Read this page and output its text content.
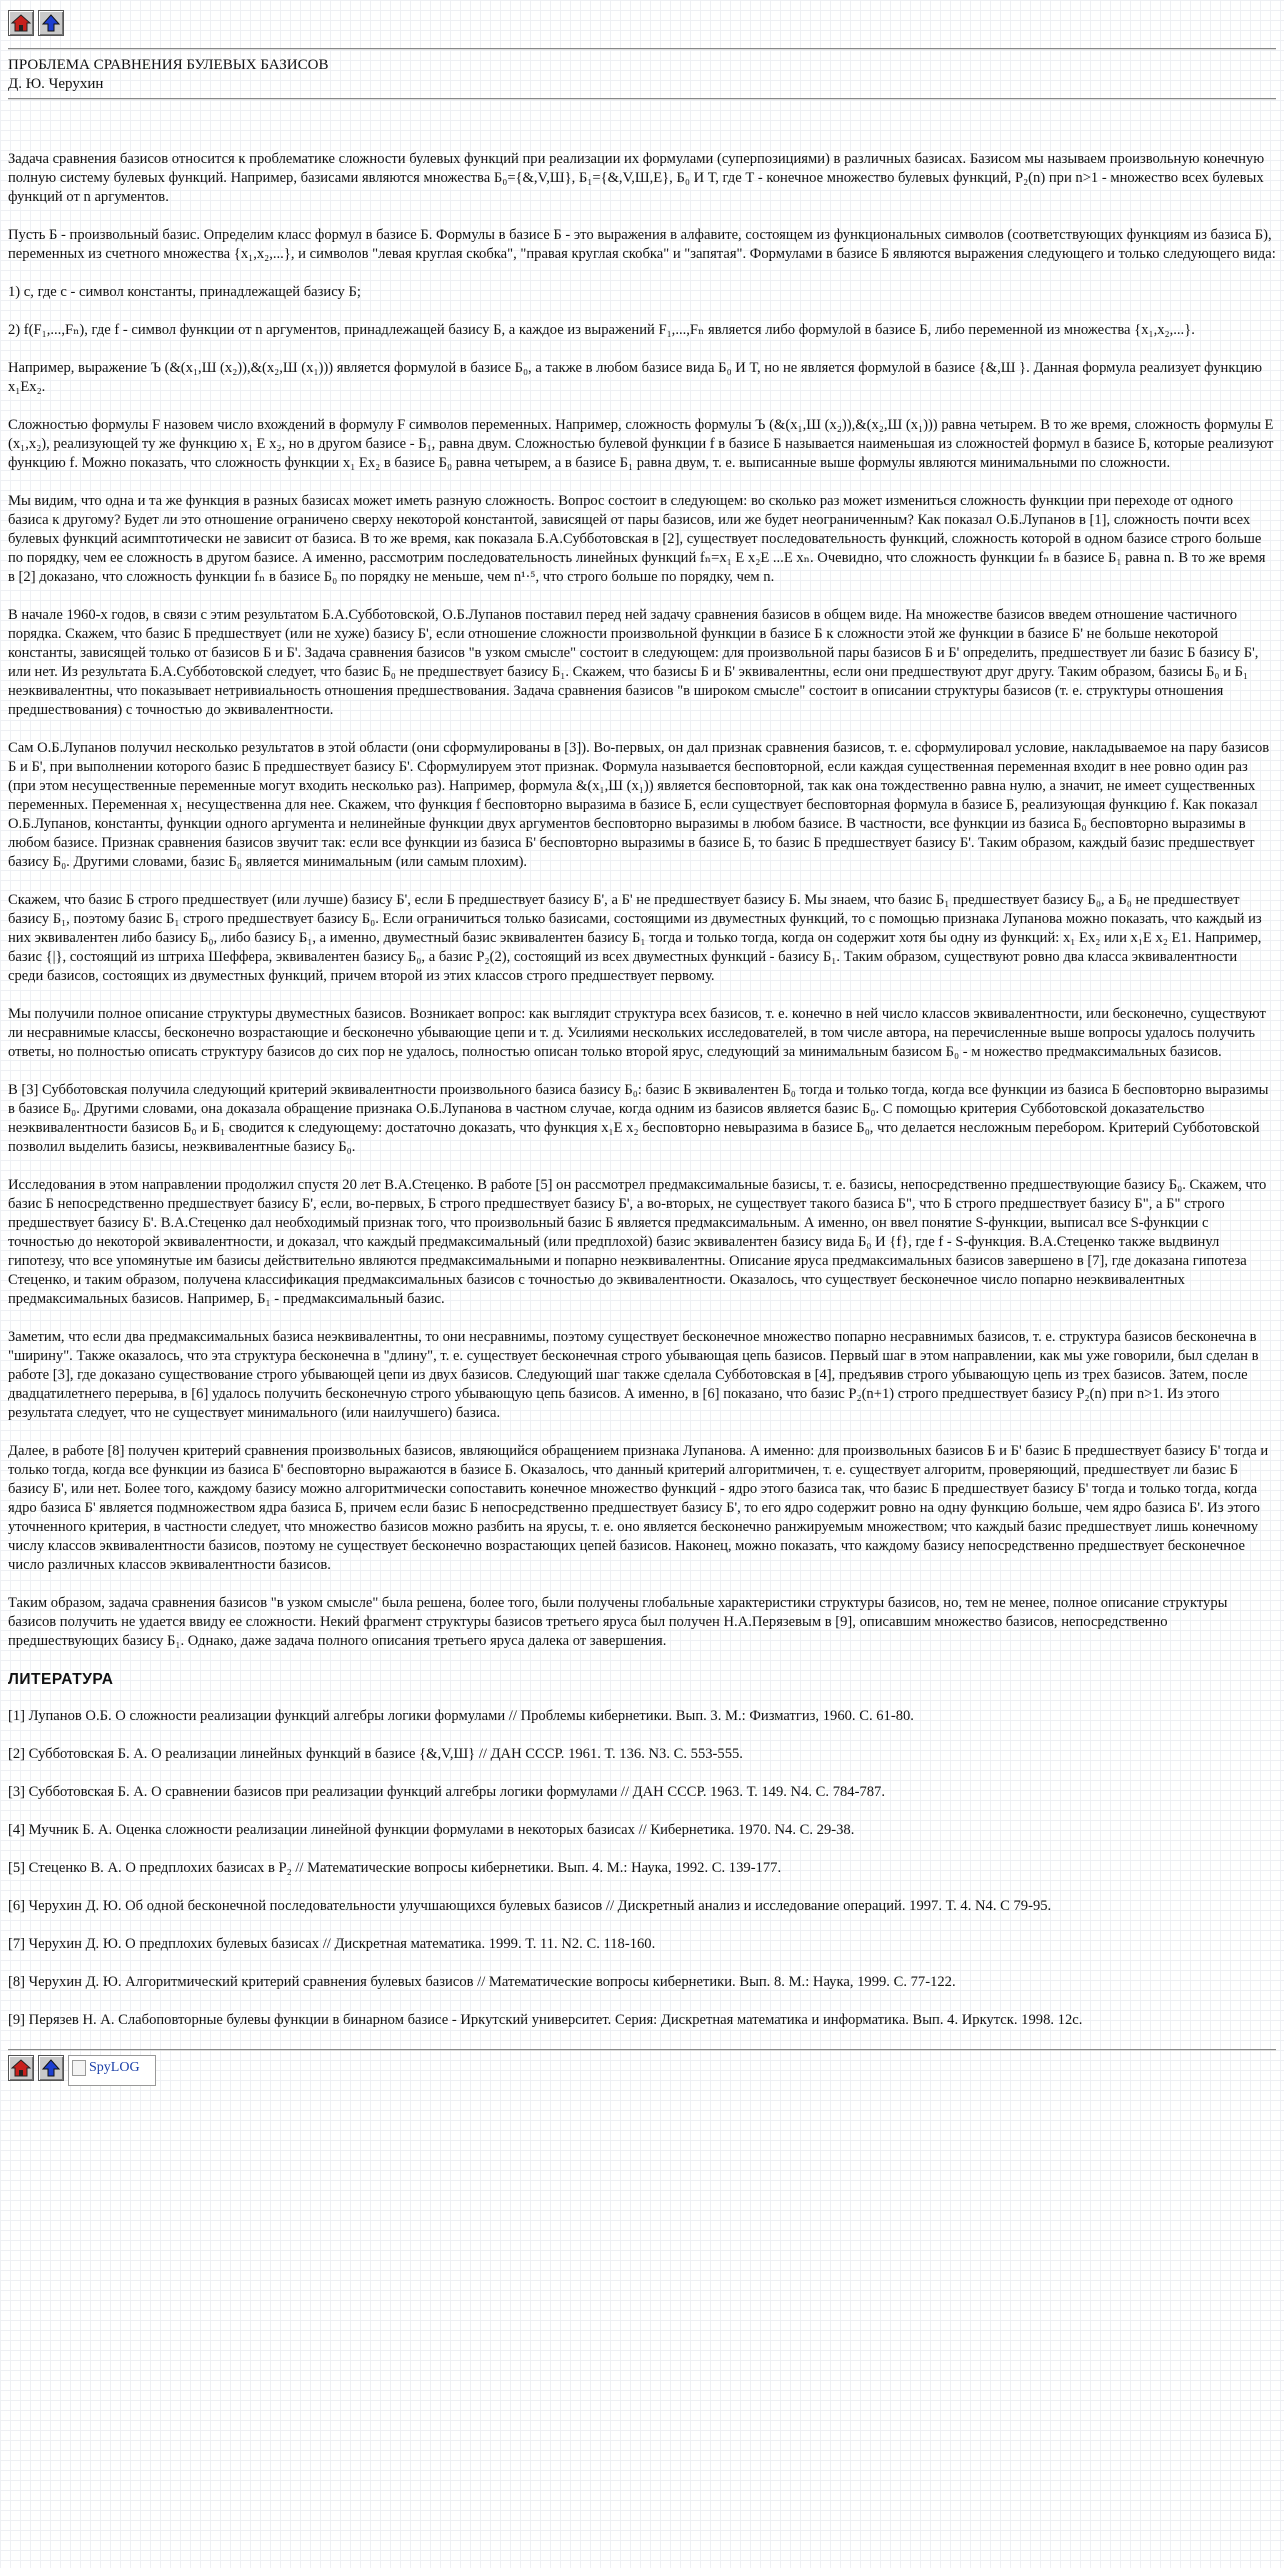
ПРОБЛЕМА СРАВНЕНИЯ БУЛЕВЫХ БАЗИСОВ
Д. Ю. Черухин

Задача сравнения базисов относится к проблематике сложности булевых функций при реализации их формулами (суперпозициями) в различных базисах. Базисом мы называем произвольную конечную полную систему булевых функций. Например, базисами являются множества Б₀={&,V,Ш}, Б₁={&,V,Ш,Е}, Б₀ И Т, где Т - конечное множество булевых функций, P₂(n) при n>1 - множество всех булевых функций от n аргументов.

Пусть Б - произвольный базис. Определим класс формул в базисе Б. Формулы в базисе Б - это выражения в алфавите, состоящем из функциональных символов (соответствующих функциям из базиса Б), переменных из счетного множества {x₁,x₂,...}, и символов "левая круглая скобка", "правая круглая скобка" и "запятая". Формулами в базисе Б являются выражения следующего и только следующего вида:

1) c, где c - символ константы, принадлежащей базису Б;

2) f(F₁,...,Fₙ), где f - символ функции от n аргументов, принадлежащей базису Б, а каждое из выражений F₁,...,Fₙ является либо формулой в базисе Б, либо переменной из множества {x₁,x₂,...}.

Например, выражение Ъ (&(x₁,Ш (x₂)),&(x₂,Ш (x₁))) является формулой в базисе Б₀, а также в любом базисе вида Б₀ И Т, но не является формулой в базисе {&,Ш }. Данная формула реализует функцию x₁Ex₂.

Сложностью формулы F назовем число вхождений в формулу F символов переменных. Например, сложность формулы Ъ (&(x₁,Ш (x₂)),&(x₂,Ш (x₁))) равна четырем. В то же время, сложность формулы Е (x₁,x₂), реализующей ту же функцию x₁ Е x₂, но в другом базисе - Б₁, равна двум. Сложностью булевой функции f в базисе Б называется наименьшая из сложностей формул в базисе Б, которые реализуют функцию f. Можно показать, что сложность функции x₁ Еx₂ в базисе Б₀ равна четырем, а в базисе Б₁ равна двум, т. е. выписанные выше формулы являются минимальными по сложности.

Мы видим, что одна и та же функция в разных базисах может иметь разную сложность. Вопрос состоит в следующем: во сколько раз может измениться сложность функции при переходе от одного базиса к другому? Будет ли это отношение ограничено сверху некоторой константой, зависящей от пары базисов, или же будет неограниченным? Как показал О.Б.Лупанов в [1], сложность почти всех булевых функций асимптотически не зависит от базиса. В то же время, как показала Б.А.Субботовская в [2], существует последовательность функций, сложность которой в одном базисе строго больше по порядку, чем ее сложность в другом базисе. А именно, рассмотрим последовательность линейных функций fₙ=x₁ Е x₂Е ...Е xₙ. Очевидно, что сложность функции fₙ в базисе Б₁ равна n. В то же время в [2] доказано, что сложность функции fₙ в базисе Б₀ по порядку не меньше, чем n¹·⁵, что строго больше по порядку, чем n.

В начале 1960-х годов, в связи с этим результатом Б.А.Субботовской, О.Б.Лупанов поставил перед ней задачу сравнения базисов в общем виде. На множестве базисов введем отношение частичного порядка. Скажем, что базис Б предшествует (или не хуже) базису Б', если отношение сложности произвольной функции в базисе Б к сложности этой же функции в базисе Б' не больше некоторой константы, зависящей только от базисов Б и Б'. Задача сравнения базисов "в узком смысле" состоит в следующем: для произвольной пары базисов Б и Б' определить, предшествует ли базис Б базису Б', или нет. Из результата Б.А.Субботовской следует, что базис Б₀ не предшествует базису Б₁. Скажем, что базисы Б и Б' эквивалентны, если они предшествуют друг другу. Таким образом, базисы Б₀ и Б₁ неэквивалентны, что показывает нетривиальность отношения предшествования. Задача сравнения базисов "в широком смысле" состоит в описании структуры базисов (т. е. структуры отношения предшествования) с точностью до эквивалентности.

Сам О.Б.Лупанов получил несколько результатов в этой области (они сформулированы в [3]). Во-первых, он дал признак сравнения базисов, т. е. сформулировал условие, накладываемое на пару базисов Б и Б', при выполнении которого базис Б предшествует базису Б'. Сформулируем этот признак. Формула называется бесповторной, если каждая существенная переменная входит в нее ровно один раз (при этом несущественные переменные могут входить несколько раз). Например, формула &(x₁,Ш (x₁)) является бесповторной, так как она тождественно равна нулю, а значит, не имеет существенных переменных. Переменная x₁ несущественна для нее. Скажем, что функция f бесповторно выразима в базисе Б, если существует бесповторная формула в базисе Б, реализующая функцию f. Как показал О.Б.Лупанов, константы, функции одного аргумента и нелинейные функции двух аргументов бесповторно выразимы в любом базисе. В частности, все функции из базиса Б₀ бесповторно выразимы в любом базисе. Признак сравнения базисов звучит так: если все функции из базиса Б' бесповторно выразимы в базисе Б, то базис Б предшествует базису Б'. Таким образом, каждый базис предшествует базису Б₀. Другими словами, базис Б₀ является минимальным (или самым плохим).

Скажем, что базис Б строго предшествует (или лучше) базису Б', если Б предшествует базису Б', а Б' не предшествует базису Б. Мы знаем, что базис Б₁ предшествует базису Б₀, а Б₀ не предшествует базису Б₁, поэтому базис Б₁ строго предшествует базису Б₀. Если ограничиться только базисами, состоящими из двуместных функций, то с помощью признака Лупанова можно показать, что каждый из них эквивалентен либо базису Б₀, либо базису Б₁, а именно, двуместный базис эквивалентен базису Б₁ тогда и только тогда, когда он содержит хотя бы одну из функций: x₁ Еx₂ или x₁Е x₂ Е1. Например, базис {|}, состоящий из штриха Шеффера, эквивалентен базису Б₀, а базис P₂(2), состоящий из всех двуместных функций - базису Б₁. Таким образом, существуют ровно два класса эквивалентности среди базисов, состоящих из двуместных функций, причем второй из этих классов строго предшествует первому.

Мы получили полное описание структуры двуместных базисов. Возникает вопрос: как выглядит структура всех базисов, т. е. конечно в ней число классов эквивалентности, или бесконечно, существуют ли несравнимые классы, бесконечно возрастающие и бесконечно убывающие цепи и т. д. Усилиями нескольких исследователей, в том числе автора, на перечисленные выше вопросы удалось получить ответы, но полностью описать структуру базисов до сих пор не удалось, полностью описан только второй ярус, следующий за минимальным базисом Б₀ - м ножество предмаксимальных базисов.

В [3] Субботовская получила следующий критерий эквивалентности произвольного базиса базису Б₀: базис Б эквивалентен Б₀ тогда и только тогда, когда все функции из базиса Б бесповторно выразимы в базисе Б₀. Другими словами, она доказала обращение признака О.Б.Лупанова в частном случае, когда одним из базисов является базис Б₀. С помощью критерия Субботовской доказательство неэквивалентности базисов Б₀ и Б₁ сводится к следующему: достаточно доказать, что функция x₁Е x₂ бесповторно невыразима в базисе Б₀, что делается несложным перебором. Критерий Субботовской позволил выделить базисы, неэквивалентные базису Б₀.

Исследования в этом направлении продолжил спустя 20 лет В.А.Стеценко. В работе [5] он рассмотрел предмаксимальные базисы, т. е. базисы, непосредственно предшествующие базису Б₀. Скажем, что базис Б непосредственно предшествует базису Б', если, во-первых, Б строго предшествует базису Б', а во-вторых, не существует такого базиса Б", что Б строго предшествует базису Б", а Б" строго предшествует базису Б'. В.А.Стеценко дал необходимый признак того, что произвольный базис Б является предмаксимальным. А именно, он ввел понятие S-функции, выписал все S-функции с точностью до некоторой эквивалентности, и доказал, что каждый предмаксимальный (или предплохой) базис эквивалентен базису вида Б₀ И {f}, где f - S-функция. В.А.Стеценко также выдвинул гипотезу, что все упомянутые им базисы действительно являются предмаксимальными и попарно неэквивалентны. Описание яруса предмаксимальных базисов завершено в [7], где доказана гипотеза Стеценко, и таким образом, получена классификация предмаксимальных базисов с точностью до эквивалентности. Оказалось, что существует бесконечное число попарно неэквивалентных предмаксимальных базисов. Например, Б₁ - предмаксимальный базис.

Заметим, что если два предмаксимальных базиса неэквивалентны, то они несравнимы, поэтому существует бесконечное множество попарно несравнимых базисов, т. е. структура базисов бесконечна в "ширину". Также оказалось, что эта структура бесконечна в "длину", т. е. существует бесконечная строго убывающая цепь базисов. Первый шаг в этом направлении, как мы уже говорили, был сделан в работе [3], где доказано существование строго убывающей цепи из двух базисов. Следующий шаг также сделала Субботовская в [4], предъявив строго убывающую цепь из трех базисов. Затем, после двадцатилетнего перерыва, в [6] удалось получить бесконечную строго убывающую цепь базисов. А именно, в [6] показано, что базис P₂(n+1) строго предшествует базису P₂(n) при n>1. Из этого результата следует, что не существует минимального (или наилучшего) базиса.

Далее, в работе [8] получен критерий сравнения произвольных базисов, являющийся обращением признака Лупанова. А именно: для произвольных базисов Б и Б' базис Б предшествует базису Б' тогда и только тогда, когда все функции из базиса Б' бесповторно выражаются в базисе Б. Оказалось, что данный критерий алгоритмичен, т. е. существует алгоритм, проверяющий, предшествует ли базис Б базису Б', или нет. Более того, каждому базису можно алгоритмически сопоставить конечное множество функций - ядро этого базиса так, что базис Б предшествует базису Б' тогда и только тогда, когда ядро базиса Б' является подмножеством ядра базиса Б, причем если базис Б непосредственно предшествует базису Б', то его ядро содержит ровно на одну функцию больше, чем ядро базиса Б'. Из этого уточненного критерия, в частности следует, что множество базисов можно разбить на ярусы, т. е. оно является бесконечно ранжируемым множеством; что каждый базис предшествует лишь конечному числу классов эквивалентности базисов, поэтому не существует бесконечно возрастающих цепей базисов. Наконец, можно показать, что каждому базису непосредственно предшествует бесконечное число различных классов эквивалентности базисов.

Таким образом, задача сравнения базисов "в узком смысле" была решена, более того, были получены глобальные характеристики структуры базисов, но, тем не менее, полное описание структуры базисов получить не удается ввиду ее сложности. Некий фрагмент структуры базисов третьего яруса был получен Н.А.Перязевым в [9], описавшим множество базисов, непосредственно предшествующих базису Б₁. Однако, даже задача полного описания третьего яруса далека от завершения.

ЛИТЕРАТУРА
[1] Лупанов О.Б. О сложности реализации функций алгебры логики формулами // Проблемы кибернетики. Вып. 3. М.: Физматгиз, 1960. С. 61-80.
[2] Субботовская Б. А. О реализации линейных функций в базисе {&,V,Ш} // ДАН СССР. 1961. Т. 136. N3. С. 553-555.
[3] Субботовская Б. А. О сравнении базисов при реализации функций алгебры логики формулами // ДАН СССР. 1963. Т. 149. N4. С. 784-787.
[4] Мучник Б. А. Оценка сложности реализации линейной функции формулами в некоторых базисах // Кибернетика. 1970. N4. С. 29-38.
[5] Стеценко В. А. О предплохих базисах в P₂ // Математические вопросы кибернетики. Вып. 4. М.: Наука, 1992. С. 139-177.
[6] Черухин Д. Ю. Об одной бесконечной последовательности улучшающихся булевых базисов // Дискретный анализ и исследование операций. 1997. Т. 4. N4. С 79-95.
[7] Черухин Д. Ю. О предплохих булевых базисах // Дискретная математика. 1999. Т. 11. N2. С. 118-160.
[8] Черухин Д. Ю. Алгоритмический критерий сравнения булевых базисов // Математические вопросы кибернетики. Вып. 8. М.: Наука, 1999. С. 77-122.
[9] Перязев Н. А. Слабоповторные булевы функции в бинарном базисе - Иркутский университет. Серия: Дискретная математика и информатика. Вып. 4. Иркутск. 1998. 12с.
SpyLOG
